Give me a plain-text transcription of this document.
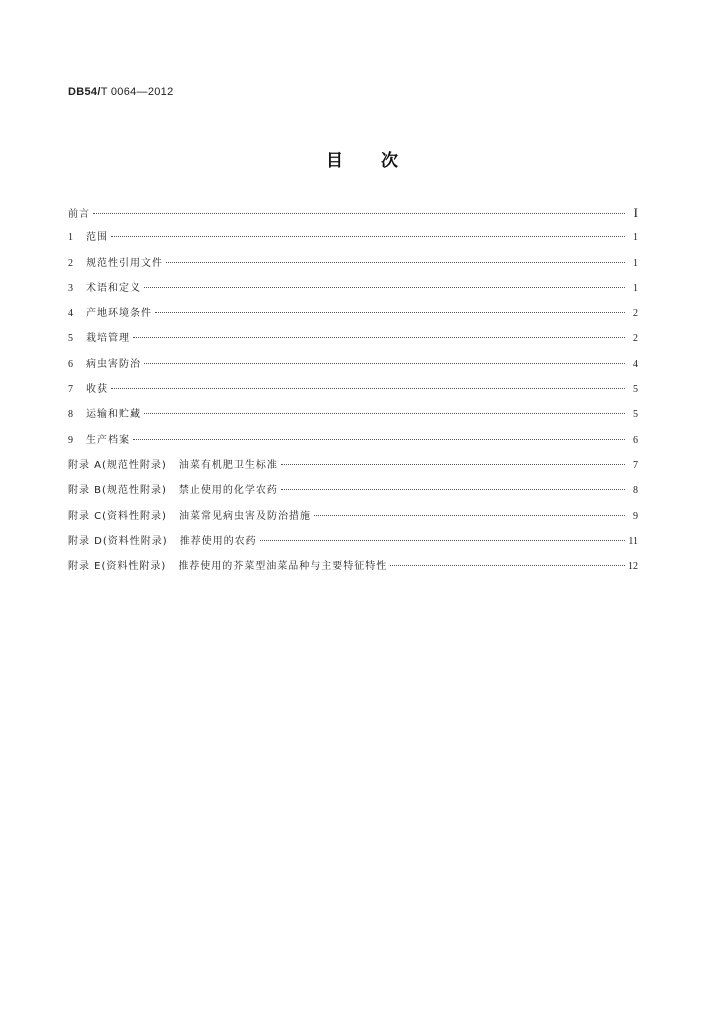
DB54/T 0064—2012
目次
前言	I
1	范围	1
2	规范性引用文件	1
3	术语和定义	1
4	产地环境条件	2
5	栽培管理	2
6	病虫害防治	4
7	收获	5
8	运输和贮藏	5
9	生产档案	6
附录 A(规范性附录) 油菜有机肥卫生标准	7
附录 B(规范性附录) 禁止使用的化学农药	8
附录 C(资料性附录) 油菜常见病虫害及防治措施	9
附录 D(资料性附录) 推荐使用的农药	11
附录 E(资料性附录) 推荐使用的芥菜型油菜品种与主要特征特性	12
